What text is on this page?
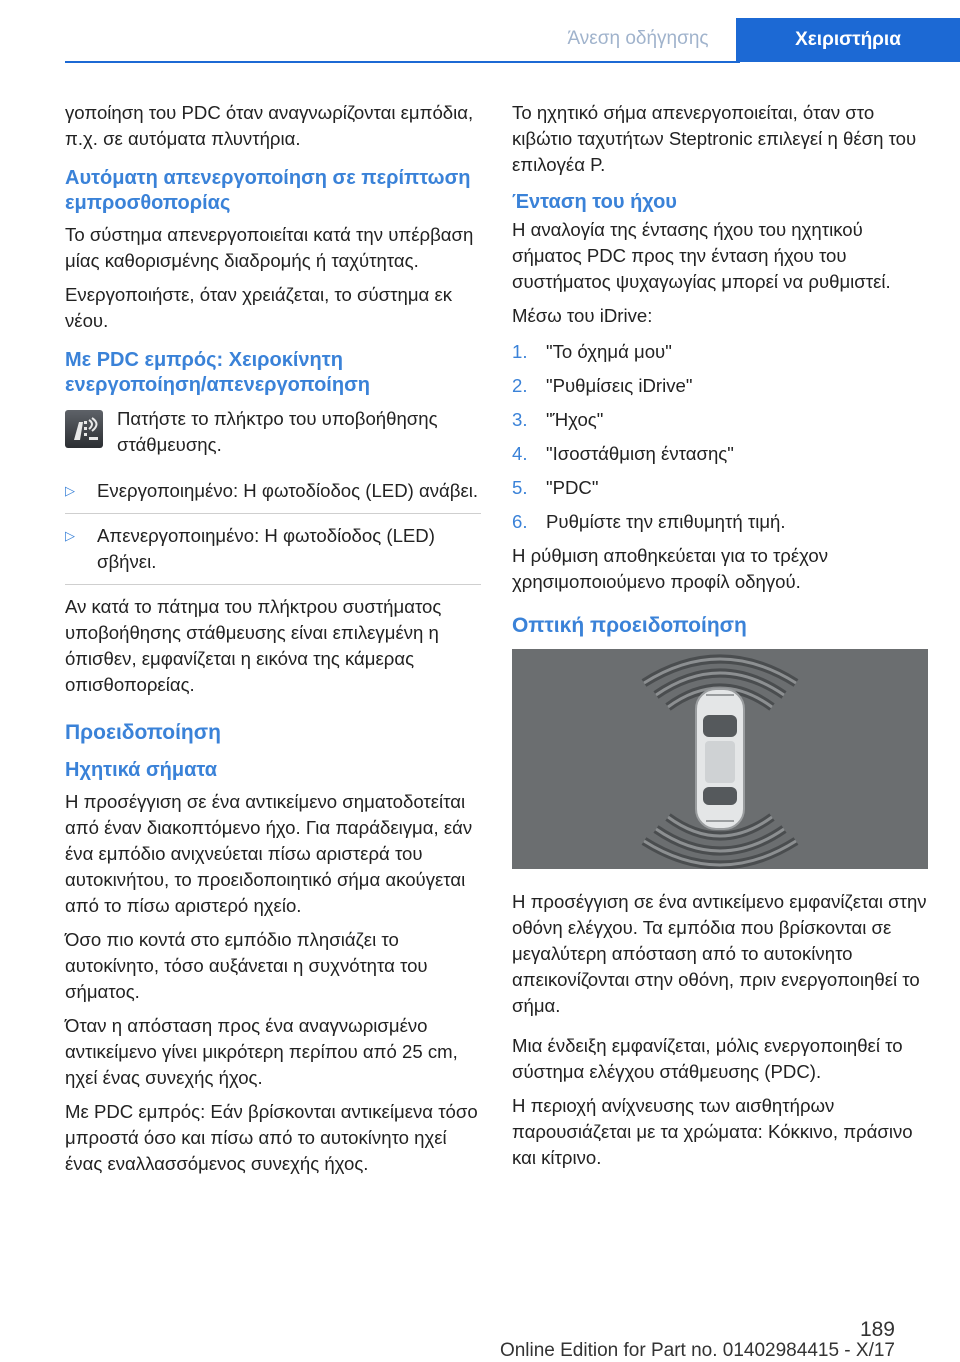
Άνεση οδήγησης	Χειριστήρια

γοποίηση του PDC όταν αναγνωρίζονται εμπόδια, π.χ. σε αυτόματα πλυντήρια.

Αυτόματη απενεργοποίηση σε περίπτωση εμπροσθοπορίας

Το σύστημα απενεργοποιείται κατά την υπέρβαση μίας καθορισμένης διαδρομής ή ταχύτητας.

Ενεργοποιήστε, όταν χρειάζεται, το σύστημα εκ νέου.

Με PDC εμπρός: Χειροκίνητη ενεργοποίηση/απενεργοποίηση

Πατήστε το πλήκτρο του υποβοήθησης στάθμευσης.

▷ Ενεργοποιημένο: Η φωτοδίοδος (LED) ανάβει.
▷ Απενεργοποιημένο: Η φωτοδίοδος (LED) σβήνει.

Αν κατά το πάτημα του πλήκτρου συστήματος υποβοήθησης στάθμευσης είναι επιλεγμένη η όπισθεν, εμφανίζεται η εικόνα της κάμερας οπισθοπορείας.

Προειδοποίηση
Ηχητικά σήματα

Η προσέγγιση σε ένα αντικείμενο σηματοδοτείται από έναν διακοπτόμενο ήχο. Για παράδειγμα, εάν ένα εμπόδιο ανιχνεύεται πίσω αριστερά του αυτοκινήτου, το προειδοποιητικό σήμα ακούγεται από το πίσω αριστερό ηχείο.

Όσο πιο κοντά στο εμπόδιο πλησιάζει το αυτοκίνητο, τόσο αυξάνεται η συχνότητα του σήματος.

Όταν η απόσταση προς ένα αναγνωρισμένο αντικείμενο γίνει μικρότερη περίπου από 25 cm, ηχεί ένας συνεχής ήχος.

Με PDC εμπρός: Εάν βρίσκονται αντικείμενα τόσο μπροστά όσο και πίσω από το αυτοκίνητο ηχεί ένας εναλλασσόμενος συνεχής ήχος.

Το ηχητικό σήμα απενεργοποιείται, όταν στο κιβώτιο ταχυτήτων Steptronic επιλεγεί η θέση του επιλογέα P.

Ένταση του ήχου

Η αναλογία της έντασης ήχου του ηχητικού σήματος PDC προς την ένταση ήχου του συστήματος ψυχαγωγίας μπορεί να ρυθμιστεί.

Μέσω του iDrive:

1. "Το όχημά μου"
2. "Ρυθμίσεις iDrive"
3. "Ήχος"
4. "Ισοστάθμιση έντασης"
5. "PDC"
6. Ρυθμίστε την επιθυμητή τιμή.

Η ρύθμιση αποθηκεύεται για το τρέχον χρησιμοποιούμενο προφίλ οδηγού.

Οπτική προειδοποίηση

Η προσέγγιση σε ένα αντικείμενο εμφανίζεται στην οθόνη ελέγχου. Τα εμπόδια που βρίσκονται σε μεγαλύτερη απόσταση από το αυτοκίνητο απεικονίζονται στην οθόνη, πριν ενεργοποιηθεί το σήμα.

Μια ένδειξη εμφανίζεται, μόλις ενεργοποιηθεί το σύστημα ελέγχου στάθμευσης (PDC).

Η περιοχή ανίχνευσης των αισθητήρων παρουσιάζεται με τα χρώματα: Κόκκινο, πράσινο και κίτρινο.

189
Online Edition for Part no. 01402984415 - X/17
